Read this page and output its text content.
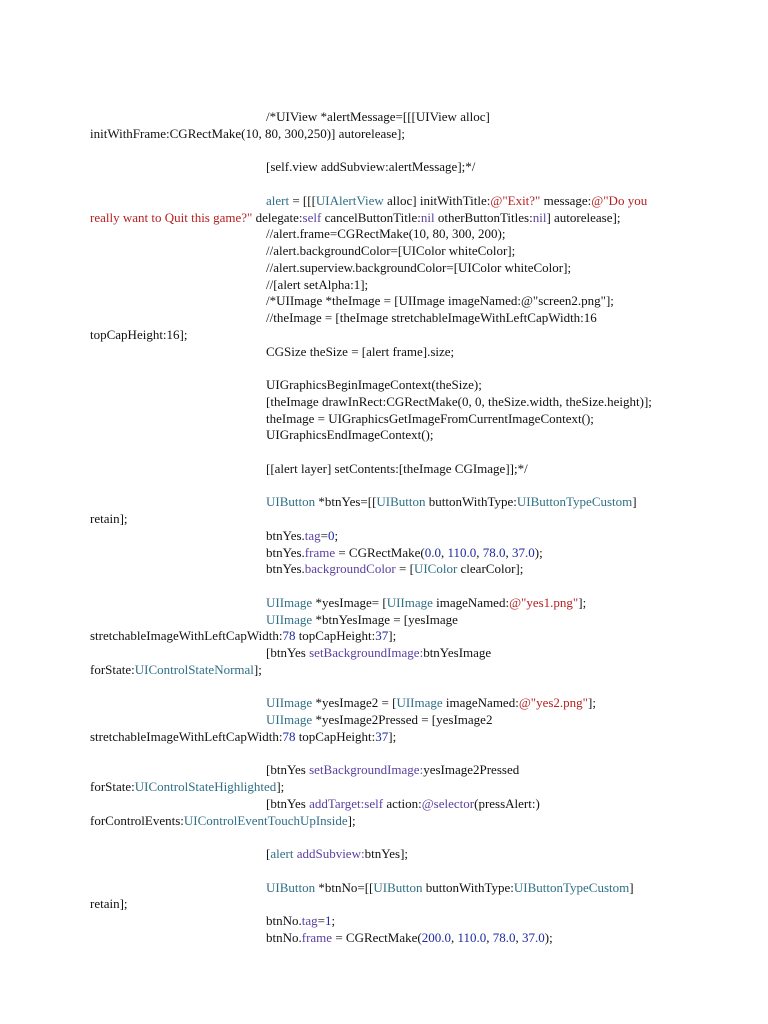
/*UIView *alertMessage=[[[UIView alloc]
initWithFrame:CGRectMake(10, 80, 300,250)] autorelease];
[self.view addSubview:alertMessage];*/
alert = [[[UIAlertView alloc] initWithTitle:@"Exit?" message:@"Do you
really want to Quit this game?" delegate:self cancelButtonTitle:nil otherButtonTitles:nil] autorelease];
//alert.frame=CGRectMake(10, 80, 300, 200);
//alert.backgroundColor=[UIColor whiteColor];
//alert.superview.backgroundColor=[UIColor whiteColor];
//[alert setAlpha:1];
/*UIImage *theImage = [UIImage imageNamed:@"screen2.png"];
//theImage = [theImage stretchableImageWithLeftCapWidth:16
topCapHeight:16];
CGSize theSize = [alert frame].size;
UIGraphicsBeginImageContext(theSize);
[theImage drawInRect:CGRectMake(0, 0, theSize.width, theSize.height)];
theImage = UIGraphicsGetImageFromCurrentImageContext();
UIGraphicsEndImageContext();
[[alert layer] setContents:[theImage CGImage]];*/
UIButton *btnYes=[[UIButton buttonWithType:UIButtonTypeCustom]
retain];
btnYes.tag=0;
btnYes.frame = CGRectMake(0.0, 110.0, 78.0, 37.0);
btnYes.backgroundColor = [UIColor clearColor];
UIImage *yesImage= [UIImage imageNamed:@"yes1.png"];
UIImage *btnYesImage = [yesImage
stretchableImageWithLeftCapWidth:78 topCapHeight:37];
[btnYes setBackgroundImage:btnYesImage
forState:UIControlStateNormal];
UIImage *yesImage2 = [UIImage imageNamed:@"yes2.png"];
UIImage *yesImage2Pressed = [yesImage2
stretchableImageWithLeftCapWidth:78 topCapHeight:37];
[btnYes setBackgroundImage:yesImage2Pressed
forState:UIControlStateHighlighted];
[btnYes addTarget:self action:@selector(pressAlert:)
forControlEvents:UIControlEventTouchUpInside];
[alert addSubview:btnYes];
UIButton *btnNo=[[UIButton buttonWithType:UIButtonTypeCustom]
retain];
btnNo.tag=1;
btnNo.frame = CGRectMake(200.0, 110.0, 78.0, 37.0);
